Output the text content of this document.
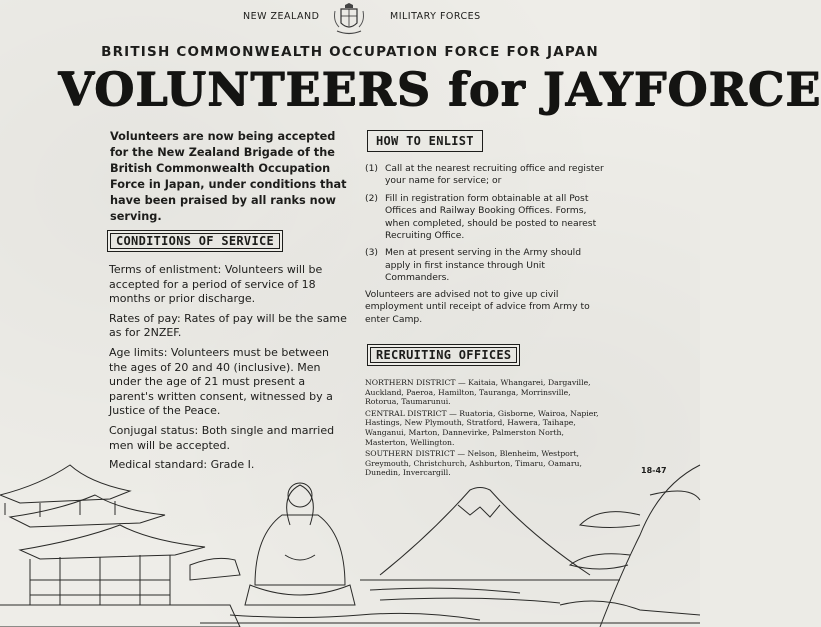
NEW ZEALAND	MILITARY FORCES
BRITISH COMMONWEALTH OCCUPATION FORCE FOR JAPAN
VOLUNTEERS for JAYFORCE
Volunteers are now being accepted for the New Zealand Brigade of the British Commonwealth Occupation Force in Japan, under conditions that have been praised by all ranks now serving.
CONDITIONS OF SERVICE

Terms of enlistment: Volunteers will be accepted for a period of service of 18 months or prior discharge.

Rates of pay: Rates of pay will be the same as for 2NZEF.

Age limits: Volunteers must be between the ages of 20 and 40 (inclusive). Men under the age of 21 must present a parent's written consent, witnessed by a Justice of the Peace.

Conjugal status: Both single and married men will be accepted.

Medical standard: Grade I.

HOW TO ENLIST
(1) Call at the nearest recruiting office and register your name for service; or
(2) Fill in registration form obtainable at all Post Offices and Railway Booking Offices. Forms, when completed, should be posted to nearest Recruiting Office.
(3) Men at present serving in the Army should apply in first instance through Unit Commanders.
Volunteers are advised not to give up civil employment until receipt of advice from Army to enter Camp.
RECRUITING OFFICES
NORTHERN DISTRICT — Kaitaia, Whangarei, Dargaville, Auckland, Paeroa, Hamilton, Tauranga, Morrinsville, Rotorua, Taumarunui.
CENTRAL DISTRICT — Ruatoria, Gisborne, Wairoa, Napier, Hastings, New Plymouth, Stratford, Hawera, Taihape, Wanganui, Marton, Dannevirke, Palmerston North, Masterton, Wellington.
SOUTHERN DISTRICT — Nelson, Blenheim, Westport, Greymouth, Christchurch, Ashburton, Timaru, Oamaru, Dunedin, Invercargill.	18-47
